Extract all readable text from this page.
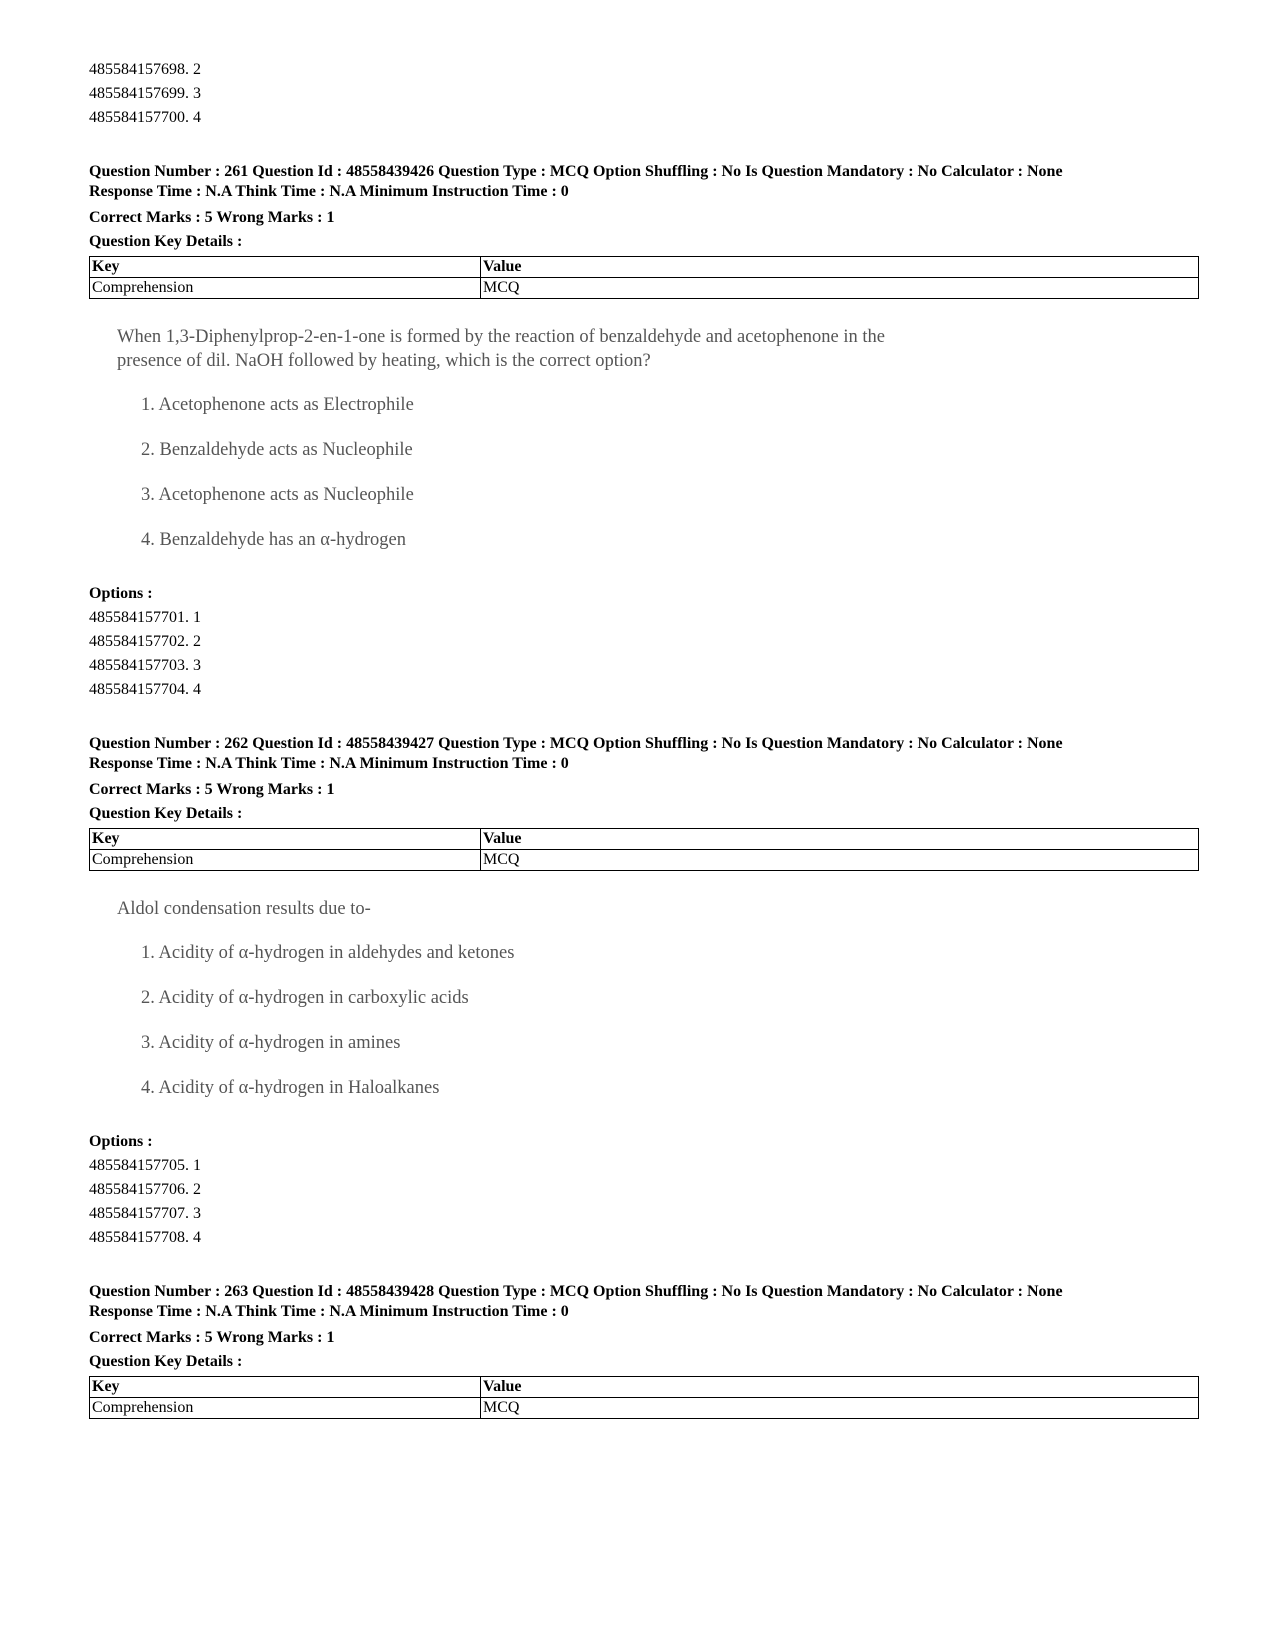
485584157698. 2
485584157699. 3
485584157700. 4
Question Number : 261 Question Id : 48558439426 Question Type : MCQ Option Shuffling : No Is Question Mandatory : No Calculator : None
Response Time : N.A Think Time : N.A Minimum Instruction Time : 0
Correct Marks : 5 Wrong Marks : 1
Question Key Details :
Key	Value
Comprehension	MCQ
When 1,3-Diphenylprop-2-en-1-one is formed by the reaction of benzaldehyde and acetophenone in the
presence of dil. NaOH followed by heating, which is the correct option?
1. Acetophenone acts as Electrophile
2. Benzaldehyde acts as Nucleophile
3. Acetophenone acts as Nucleophile
4. Benzaldehyde has an α-hydrogen
Options :
485584157701. 1
485584157702. 2
485584157703. 3
485584157704. 4
Question Number : 262 Question Id : 48558439427 Question Type : MCQ Option Shuffling : No Is Question Mandatory : No Calculator : None
Response Time : N.A Think Time : N.A Minimum Instruction Time : 0
Correct Marks : 5 Wrong Marks : 1
Question Key Details :
Key	Value
Comprehension	MCQ
Aldol condensation results due to-
1. Acidity of α-hydrogen in aldehydes and ketones
2. Acidity of α-hydrogen in carboxylic acids
3. Acidity of α-hydrogen in amines
4. Acidity of α-hydrogen in Haloalkanes
Options :
485584157705. 1
485584157706. 2
485584157707. 3
485584157708. 4
Question Number : 263 Question Id : 48558439428 Question Type : MCQ Option Shuffling : No Is Question Mandatory : No Calculator : None
Response Time : N.A Think Time : N.A Minimum Instruction Time : 0
Correct Marks : 5 Wrong Marks : 1
Question Key Details :
Key	Value
Comprehension	MCQ
